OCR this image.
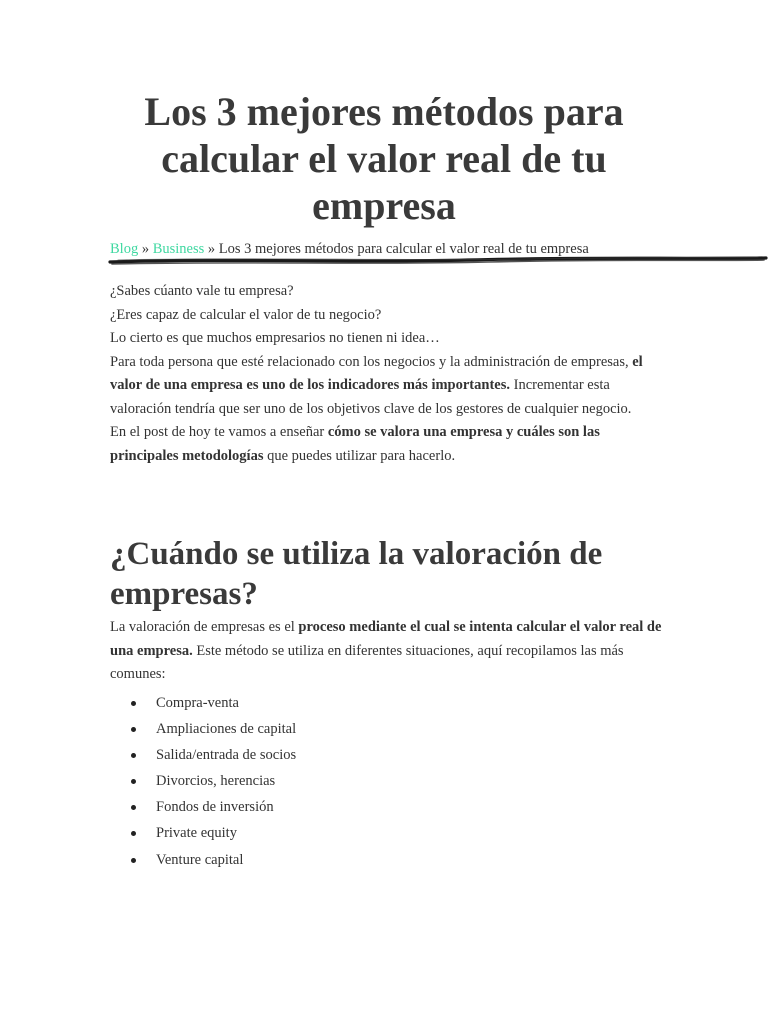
Los 3 mejores métodos para calcular el valor real de tu empresa
Blog » Business » Los 3 mejores métodos para calcular el valor real de tu empresa

¿Sabes cúanto vale tu empresa?

¿Eres capaz de calcular el valor de tu negocio?

Lo cierto es que muchos empresarios no tienen ni idea…

Para toda persona que esté relacionado con los negocios y la administración de empresas, el valor de una empresa es uno de los indicadores más importantes. Incrementar esta valoración tendría que ser uno de los objetivos clave de los gestores de cualquier negocio.

En el post de hoy te vamos a enseñar cómo se valora una empresa y cuáles son las principales metodologías que puedes utilizar para hacerlo.

¿Cuándo se utiliza la valoración de empresas?

La valoración de empresas es el proceso mediante el cual se intenta calcular el valor real de una empresa. Este método se utiliza en diferentes situaciones, aquí recopilamos las más comunes:

Compra-venta
Ampliaciones de capital
Salida/entrada de socios
Divorcios, herencias
Fondos de inversión
Private equity
Venture capital
